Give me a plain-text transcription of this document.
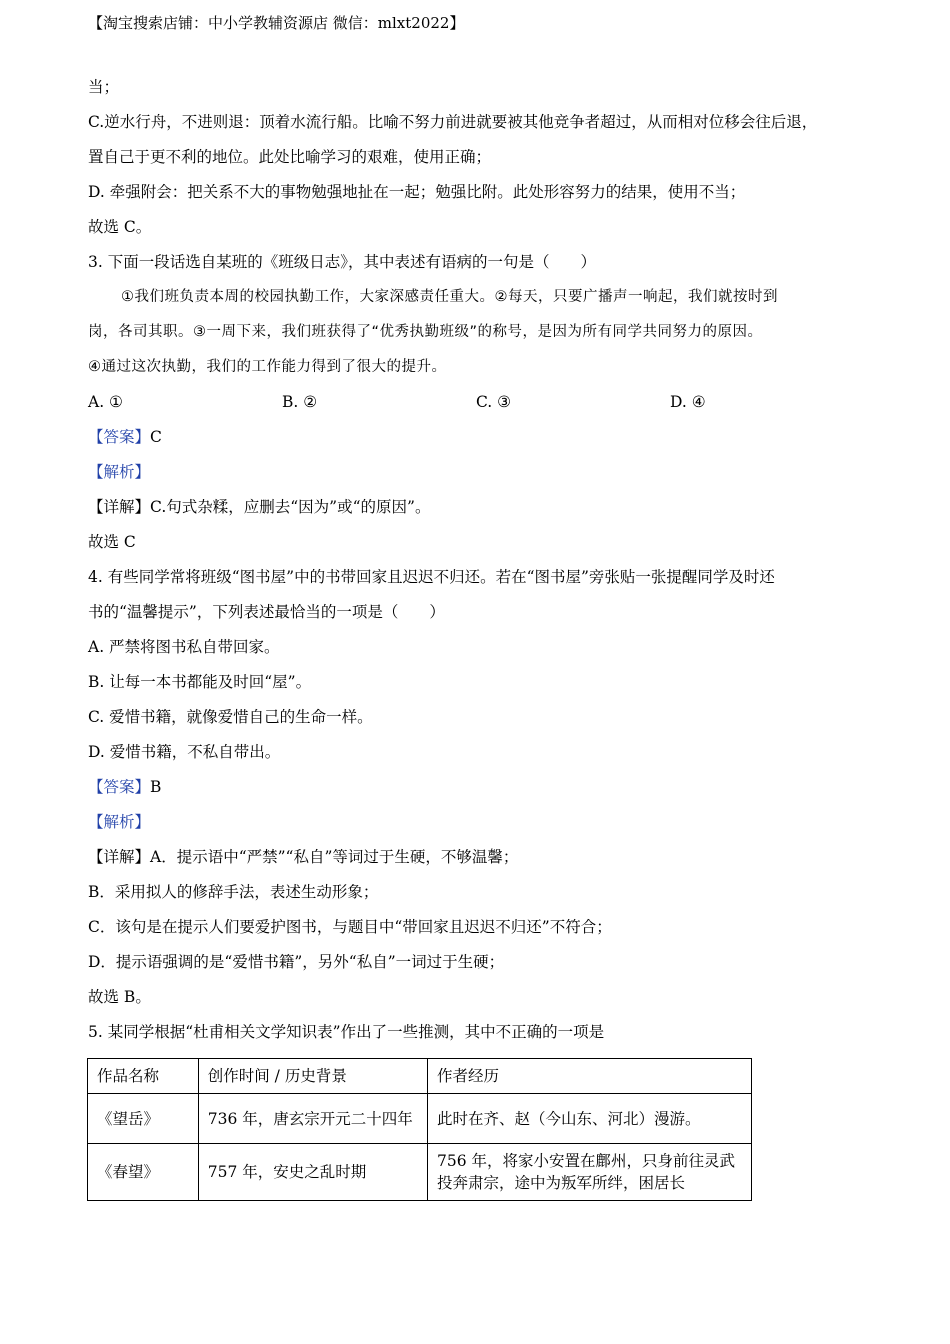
【淘宝搜索店铺：中小学教辅资源店 微信：mlxt2022】
当；
C.逆水行舟，不进则退：顶着水流行船。比喻不努力前进就要被其他竞争者超过，从而相对位移会往后退，
置自己于更不利的地位。此处比喻学习的艰难，使用正确；
D. 牵强附会：把关系不大的事物勉强地扯在一起；勉强比附。此处形容努力的结果，使用不当；
故选 C。
3. 下面一段话选自某班的《班级日志》，其中表述有语病的一句是（　　）
①我们班负责本周的校园执勤工作，大家深感责任重大。②每天，只要广播声一响起，我们就按时到
岗，各司其职。③一周下来，我们班获得了“优秀执勤班级”的称号，是因为所有同学共同努力的原因。
④通过这次执勤，我们的工作能力得到了很大的提升。
A. ①	B. ②	C. ③	D. ④
【答案】C
【解析】
【详解】C.句式杂糅，应删去“因为”或“的原因”。
故选 C
4. 有些同学常将班级“图书屋”中的书带回家且迟迟不归还。若在“图书屋”旁张贴一张提醒同学及时还
书的“温馨提示”，下列表述最恰当的一项是（　　）
A. 严禁将图书私自带回家。
B. 让每一本书都能及时回“屋”。
C. 爱惜书籍，就像爱惜自己的生命一样。
D. 爱惜书籍，不私自带出。
【答案】B
【解析】
【详解】A．提示语中“严禁”“私自”等词过于生硬，不够温馨；
B．采用拟人的修辞手法，表述生动形象；
C．该句是在提示人们要爱护图书，与题目中“带回家且迟迟不归还”不符合；
D．提示语强调的是“爱惜书籍”，另外“私自”一词过于生硬；
故选 B。
5. 某同学根据“杜甫相关文学知识表”作出了一些推测，其中不正确的一项是
作品名称	创作时间 / 历史背景	作者经历
《望岳》	736 年，唐玄宗开元二十四年	此时在齐、赵（今山东、河北）漫游。
《春望》	757 年，安史之乱时期	756 年，将家小安置在鄜州，只身前往灵武投奔肃宗，途中为叛军所绊，困居长
